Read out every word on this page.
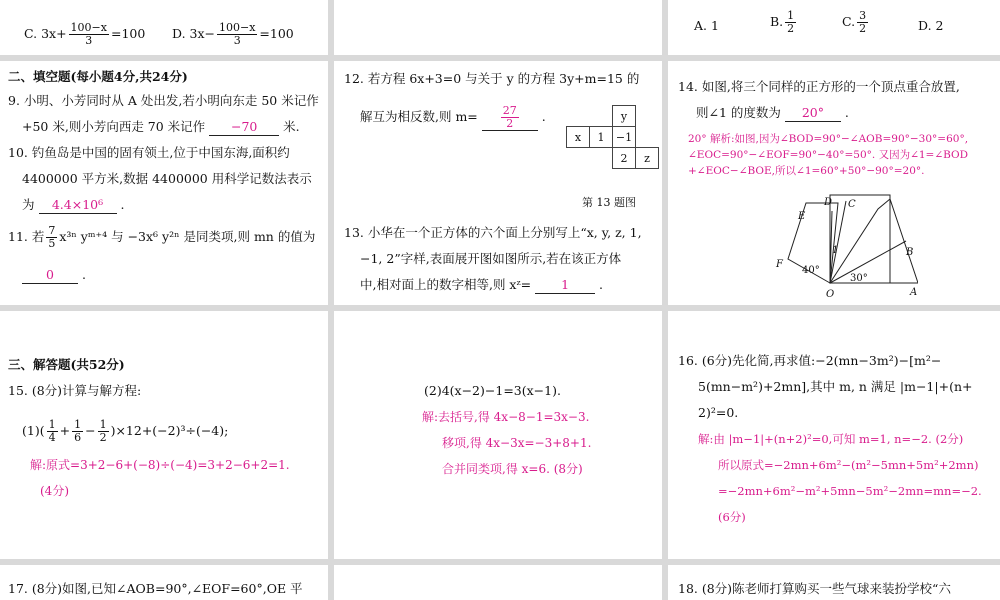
C. $3x+ \frac{100-x}{3} =100$ D. $3x- \frac{100-x}{3} =100$
A. 1	B. $\frac{1}{2}$	C. $\frac{3}{2}$	D. 2
二、填空题(每小题4分,共24分)
9. 小明、小芳同时从 A 处出发,若小明向东走 50 米记作
+50 米,则小芳向西走 70 米记作 −70 米.
10. 钓鱼岛是中国的固有领土,位于中国东海,面积约
4400000 平方米,数据 4400000 用科学记数法表示
为 4.4×10⁶ .
11. 若 $\frac{7}{5} x^{3n}$ yᵐ⁺⁴ 与 −3x⁶ y²ⁿ 是同类项,则 mn 的值为
0 .
12. 若方程 6x+3=0 与关于 y 的方程 3y+m=15 的
解互为相反数,则 $m= \frac{27}{2}$ .
			y	
x	1	−1	
		2	z
第 13 题图
13. 小华在一个正方体的六个面上分别写上“x, y, z, 1,
−1, 2”字样,表面展开图如图所示,若在该正方体
中,相对面上的数字相等,则 xᶻ= 1 .
14. 如图,将三个同样的正方形的一个顶点重合放置,
则∠1 的度数为 20° .
20° 解析:如图,因为∠BOD=90°−∠AOB=90°−30°=60°,
∠EOC=90°−∠EOF=90°−40°=50°. 又因为∠1=∠BOD
+∠EOC−∠BOE,所以∠1=60°+50°−90°=20°.
E
D C
B
F
O	A
1
40°
30°
三、解答题(共52分)
15. (8分)计算与解方程:
$(1)( \frac{1}{4} + \frac{1}{6} - \frac{1}{2} )\times 12+(-2)^3\div(-4)$;
解:原式=3+2−6+(−8)÷(−4)=3+2−6+2=1.
(4分)
(2)4(x−2)−1=3(x−1).
解:去括号,得 4x−8−1=3x−3.
移项,得 4x−3x=−3+8+1.
合并同类项,得 x=6. (8分)
16. (6分)先化简,再求值:−2(mn−3m²)−[m²−
5(mn−m²)+2mn],其中 m, n 满足 |m−1|+(n+
2)²=0.
解:由 |m−1|+(n+2)²=0,可知 m=1, n=−2. (2分)
所以原式=−2mn+6m²−(m²−5mn+5m²+2mn)
=−2mn+6m²−m²+5mn−5m²−2mn=mn=−2.
(6分)
17. (8分)如图,已知∠AOB=90°,∠EOF=60°,OE 平	18. (8分)陈老师打算购买一些气球来装扮学校“六
